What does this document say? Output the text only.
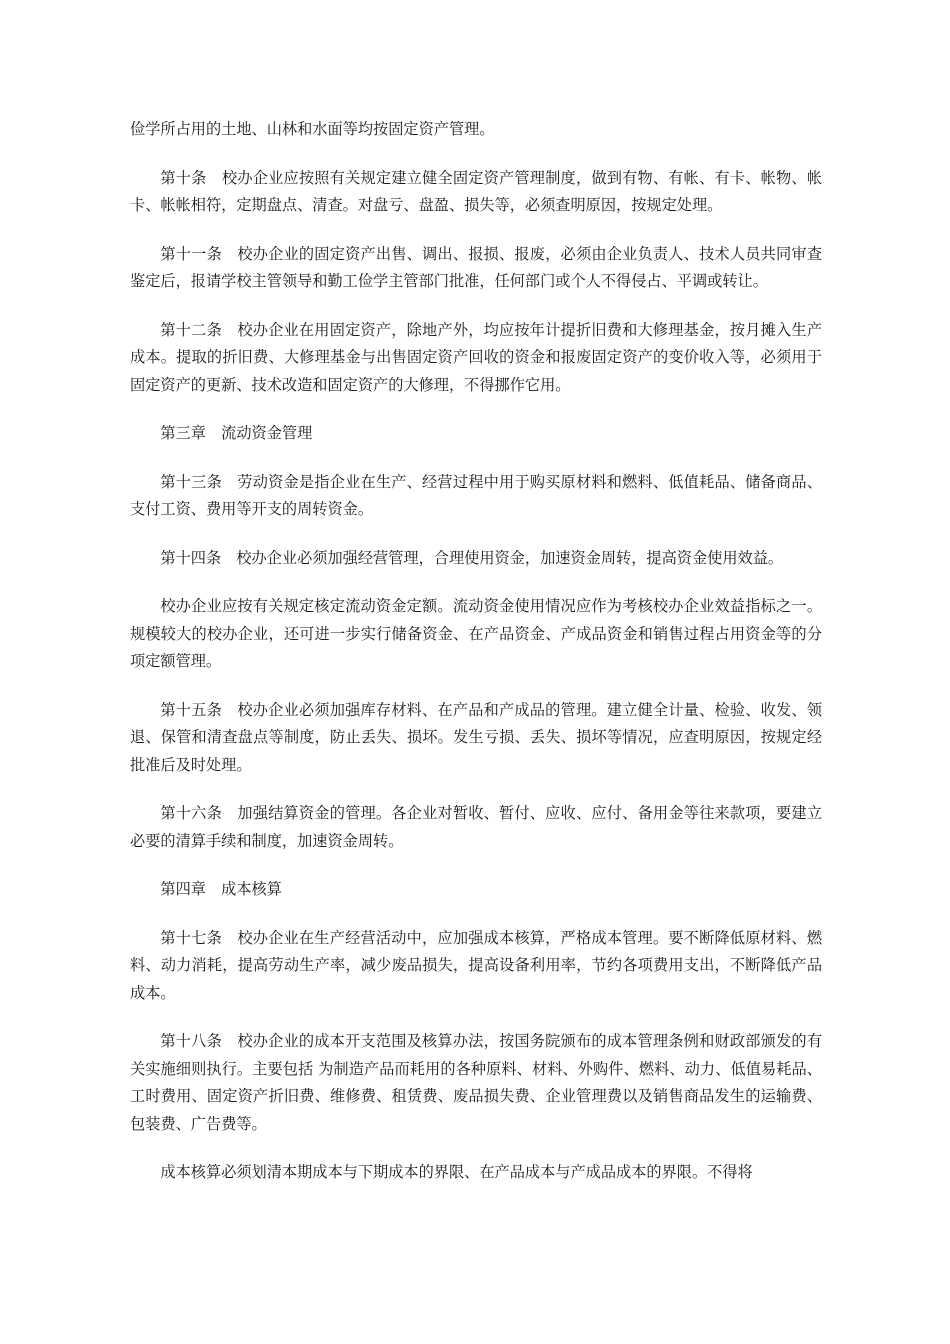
俭学所占用的土地、山林和水面等均按固定资产管理。

第十条　校办企业应按照有关规定建立健全固定资产管理制度，做到有物、有帐、有卡、帐物、帐卡、帐帐相符，定期盘点、清查。对盘亏、盘盈、损失等，必须查明原因，按规定处理。

第十一条　校办企业的固定资产出售、调出、报损、报废，必须由企业负责人、技术人员共同审查鉴定后，报请学校主管领导和勤工俭学主管部门批准，任何部门或个人不得侵占、平调或转让。

第十二条　校办企业在用固定资产，除地产外，均应按年计提折旧费和大修理基金，按月摊入生产成本。提取的折旧费、大修理基金与出售固定资产回收的资金和报废固定资产的变价收入等，必须用于固定资产的更新、技术改造和固定资产的大修理，不得挪作它用。

第三章　流动资金管理

第十三条　劳动资金是指企业在生产、经营过程中用于购买原材料和燃料、低值耗品、储备商品、支付工资、费用等开支的周转资金。

第十四条　校办企业必须加强经营管理，合理使用资金，加速资金周转，提高资金使用效益。

校办企业应按有关规定核定流动资金定额。流动资金使用情况应作为考核校办企业效益指标之一。规模较大的校办企业，还可进一步实行储备资金、在产品资金、产成品资金和销售过程占用资金等的分项定额管理。

第十五条　校办企业必须加强库存材料、在产品和产成品的管理。建立健全计量、检验、收发、领退、保管和清查盘点等制度，防止丢失、损坏。发生亏损、丢失、损坏等情况，应查明原因，按规定经批准后及时处理。

第十六条　加强结算资金的管理。各企业对暂收、暂付、应收、应付、备用金等往来款项，要建立必要的清算手续和制度，加速资金周转。

第四章　成本核算

第十七条　校办企业在生产经营活动中，应加强成本核算，严格成本管理。要不断降低原材料、燃料、动力消耗，提高劳动生产率，减少废品损失，提高设备利用率，节约各项费用支出，不断降低产品成本。

第十八条　校办企业的成本开支范围及核算办法，按国务院颁布的成本管理条例和财政部颁发的有关实施细则执行。主要包括 为制造产品而耗用的各种原料、材料、外购件、燃料、动力、低值易耗品、工时费用、固定资产折旧费、维修费、租赁费、废品损失费、企业管理费以及销售商品发生的运输费、包装费、广告费等。

成本核算必须划清本期成本与下期成本的界限、在产品成本与产成品成本的界限。不得将
